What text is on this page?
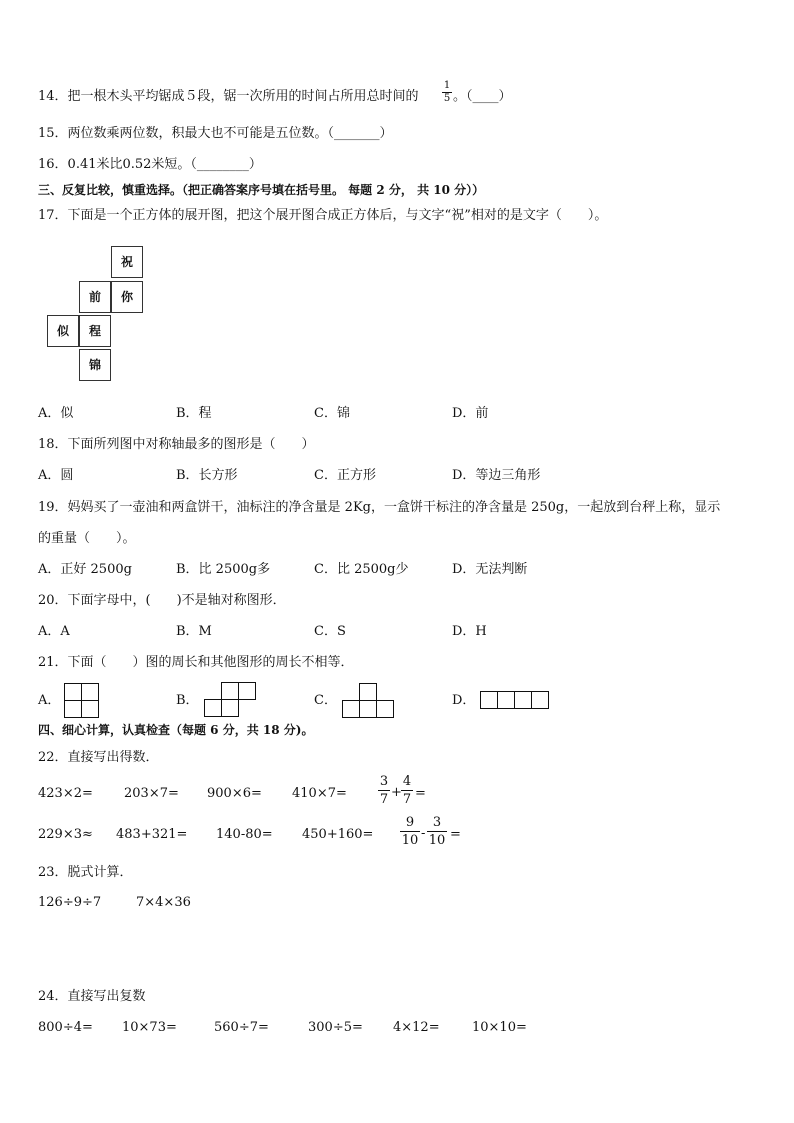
14．把一根木头平均锯成５段，锯一次所用的时间占所用总时间的
1
5 。（____）
15．两位数乘两位数，积最大也不可能是五位数。（_______）
16．0.41米比0.52米短。（________）
三、反复比较，慎重选择。（把正确答案序号填在括号里。 每题 2 分， 共 10 分））
17．下面是一个正方体的展开图，把这个展开图合成正方体后，与文字“祝”相对的是文字（　　）。
祝
前	你
似	程
锦
A．似	B．程	C．锦	D．前
18．下面所列图中对称轴最多的图形是（　　）
A．圆	B．长方形	C．正方形	D．等边三角形
19．妈妈买了一壶油和两盒饼干，油标注的净含量是 2Kg，一盒饼干标注的净含量是 250g，一起放到台秤上称，显示
的重量（　　）。
A．正好 2500g	B．比 2500g多	C．比 2500g少	D．无法判断
20．下面字母中，(　　)不是轴对称图形．
A．A	B．M	C．S	D．H
21．下面（　　）图的周长和其他图形的周长不相等．
A．	B．	C．	D．
四、细心计算，认真检查（每题 6 分，共 18 分)。
22．直接写出得数．
423×2= 203×7= 900×6= 410×7=
3
7 +
4
7 =
229×3≈ 483+321= 140-80= 450+160=
9
10 -
3
10 =
23．脱式计算．
126÷9÷7	7×4×36
24．直接写出复数
800÷4= 10×73=	560÷7=	300÷5= 4×12= 10×10=
